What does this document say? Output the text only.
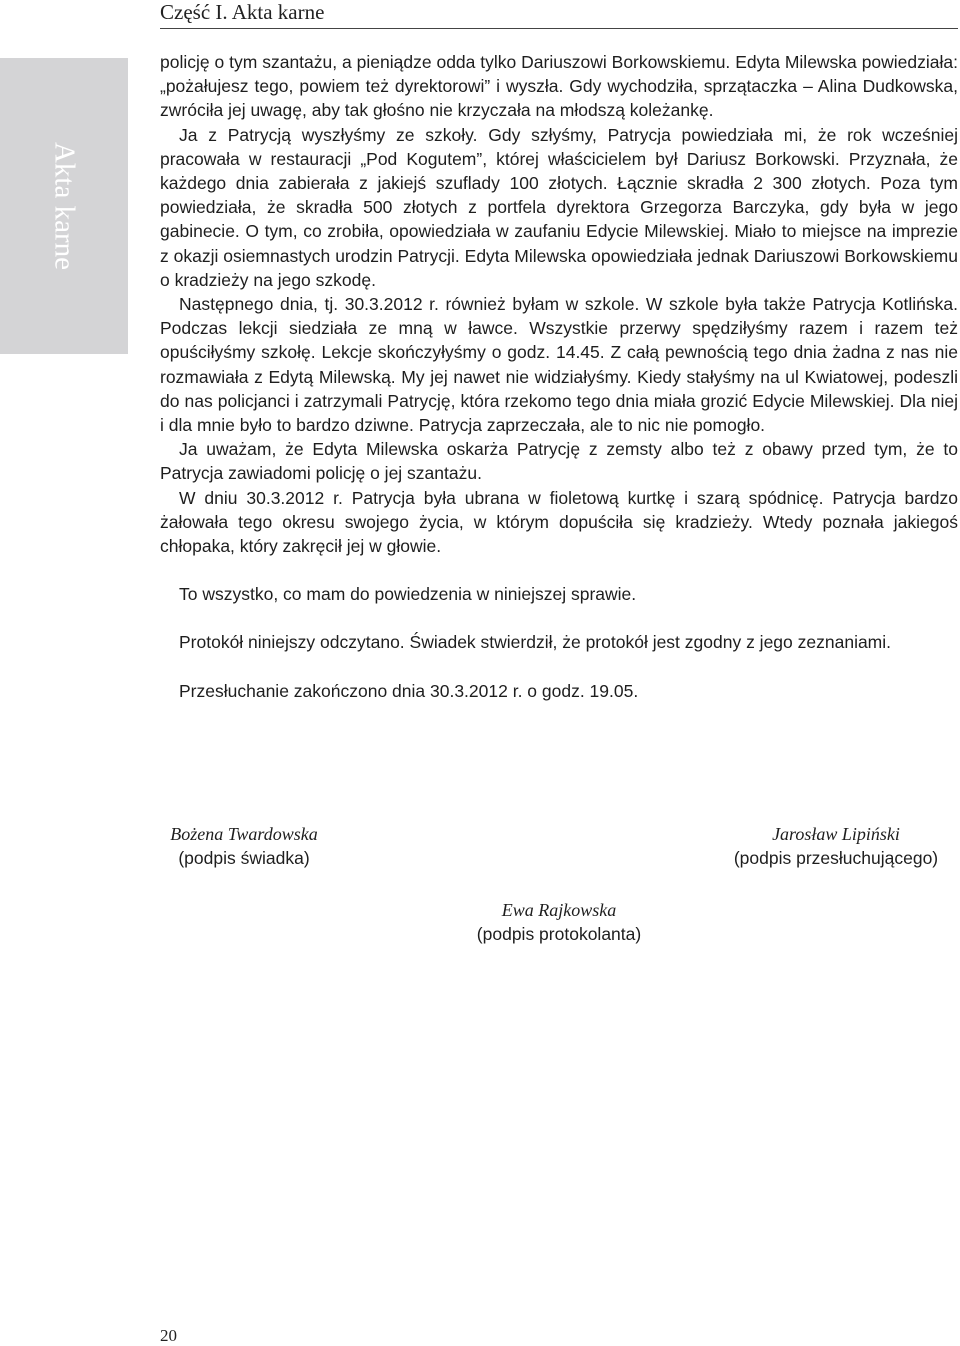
Część I. Akta karne
Akta karne

policję o tym szantażu, a pieniądze odda tylko Dariuszowi Borkowskiemu. Edyta Milewska powiedziała: „pożałujesz tego, powiem też dyrektorowi” i wyszła. Gdy wychodziła, sprzątaczka – Alina Dudkowska, zwróciła jej uwagę, aby tak głośno nie krzyczała na młodszą koleżankę.

Ja z Patrycją wyszłyśmy ze szkoły. Gdy szłyśmy, Patrycja powiedziała mi, że rok wcześniej pracowała w restauracji „Pod Kogutem”, której właścicielem był Dariusz Borkowski. Przyznała, że każdego dnia zabierała z jakiejś szuflady 100 złotych. Łącznie skradła 2 300 złotych. Poza tym powiedziała, że skradła 500 złotych z portfela dyrektora Grzegorza Barczyka, gdy była w jego gabinecie. O tym, co zrobiła, opowiedziała w zaufaniu Edycie Milewskiej. Miało to miejsce na imprezie z okazji osiemnastych urodzin Patrycji. Edyta Milewska opowiedziała jednak Dariuszowi Borkowskiemu o kradzieży na jego szkodę.

Następnego dnia, tj. 30.3.2012 r. również byłam w szkole. W szkole była także Patrycja Kotlińska. Podczas lekcji siedziała ze mną w ławce. Wszystkie przerwy spędziłyśmy razem i razem też opuściłyśmy szkołę. Lekcje skończyłyśmy o godz. 14.45. Z całą pewnością tego dnia żadna z nas nie rozmawiała z Edytą Milewską. My jej nawet nie widziałyśmy. Kiedy stałyśmy na ul Kwiatowej, podeszli do nas policjanci i zatrzymali Patrycję, która rzekomo tego dnia miała grozić Edycie Milewskiej. Dla niej i dla mnie było to bardzo dziwne. Patrycja zaprzeczała, ale to nic nie pomogło.

Ja uważam, że Edyta Milewska oskarża Patrycję z zemsty albo też z obawy przed tym, że to Patrycja zawiadomi policję o jej szantażu.

W dniu 30.3.2012 r. Patrycja była ubrana w fioletową kurtkę i szarą spódnicę. Patrycja bardzo żałowała tego okresu swojego życia, w którym dopuściła się kradzieży. Wtedy poznała jakiegoś chłopaka, który zakręcił jej w głowie.

To wszystko, co mam do powiedzenia w niniejszej sprawie.

Protokół niniejszy odczytano. Świadek stwierdził, że protokół jest zgodny z jego zeznaniami.

Przesłuchanie zakończono dnia 30.3.2012 r. o godz. 19.05.

Bożena Twardowska
(podpis świadka)
Jarosław Lipiński
(podpis przesłuchującego)
Ewa Rajkowska
(podpis protokolanta)
20
